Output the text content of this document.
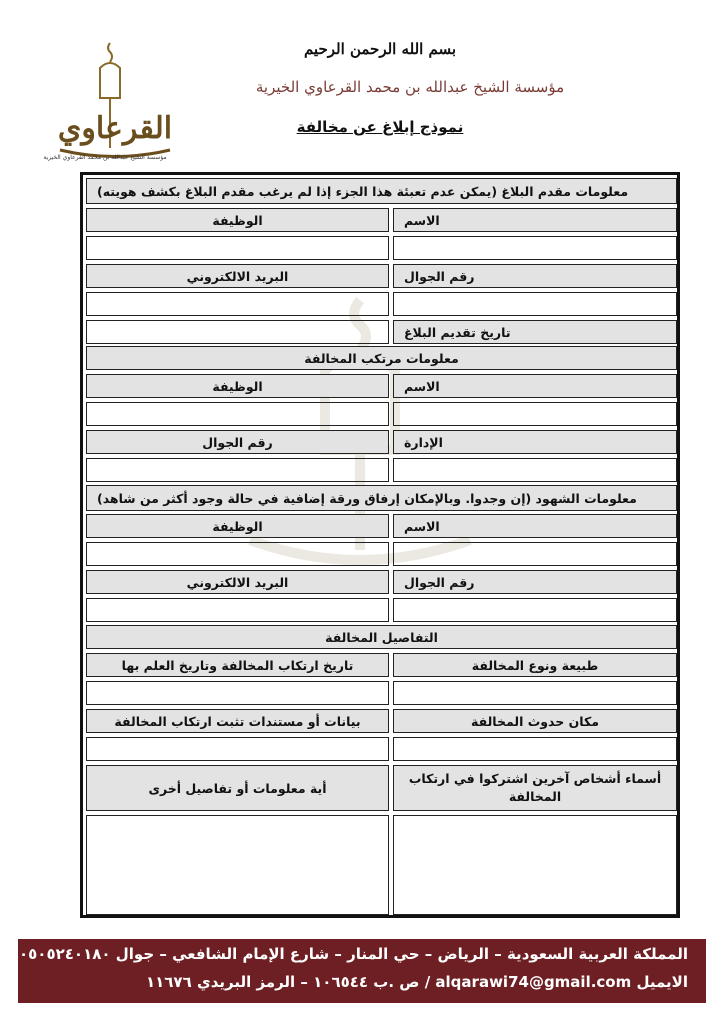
القرعاوي
مؤسسة الشيخ عبدالله بن محمد القرعاوي الخيرية
بسم الله الرحمن الرحيم
مؤسسة الشيخ عبدالله بن محمد القرعاوي الخيرية
نموذج إبلاغ عن مخالفة
معلومات مقدم البلاغ (يمكن عدم تعبئة هذا الجزء إذا لم يرغب مقدم البلاغ بكشف هويته)
الاسم
الوظيفة
رقم الجوال
البريد الالكتروني
تاريخ تقديم البلاغ
معلومات مرتكب المخالفة
الاسم
الوظيفة
الإدارة
رقم الجوال
معلومات الشهود (إن وجدوا. وبالإمكان إرفاق ورقة إضافية في حالة وجود أكثر من شاهد)
الاسم
الوظيفة
رقم الجوال
البريد الالكتروني
التفاصيل المخالفة
طبيعة ونوع المخالفة
تاريخ ارتكاب المخالفة وتاريخ العلم بها
مكان حدوث المخالفة
بيانات أو مستندات تثبت ارتكاب المخالفة
أسماء أشخاص آخرين اشتركوا في ارتكاب المخالفة
أية معلومات أو تفاصيل أخرى
المملكة العربية السعودية – الرياض – حي المنار – شارع الإمام الشافعي – جوال ٠٥٠٥٢٤٠١٨٠
الايميل alqarawi74@gmail.com / ص .ب ١٠٦٥٤٤ – الرمز البريدي ١١٦٧٦
